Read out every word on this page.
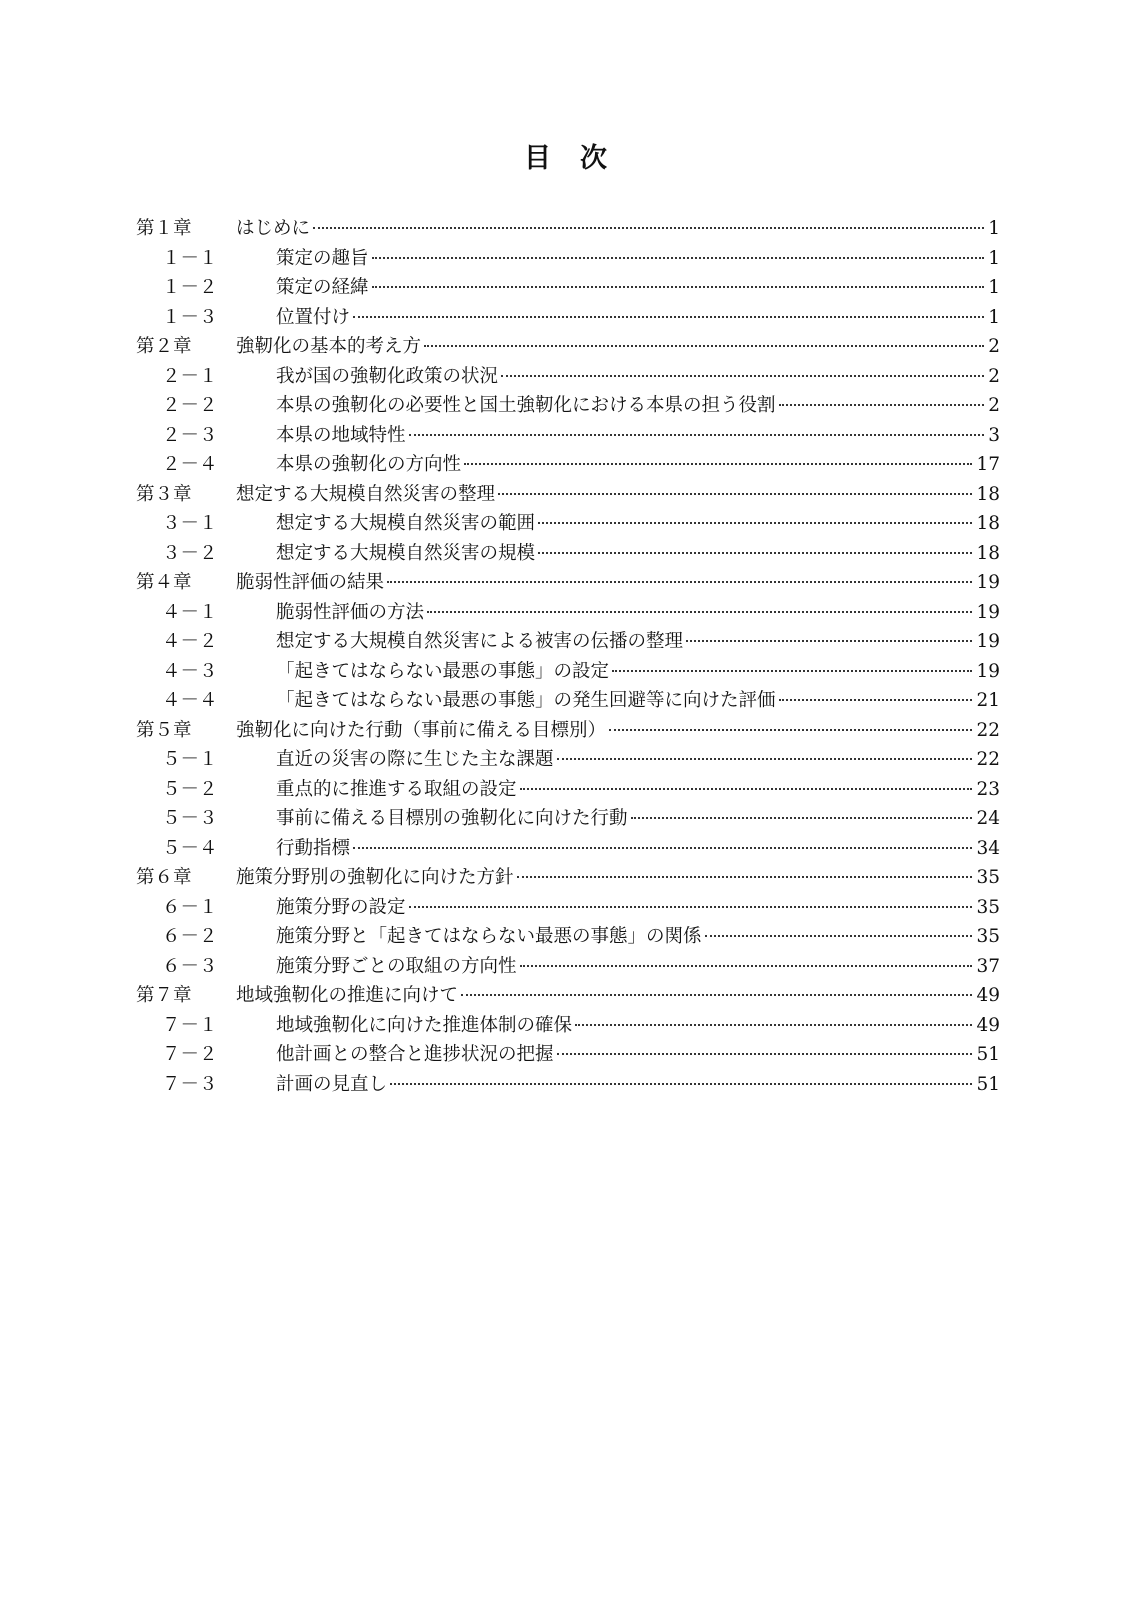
目　次
第１章	はじめに	1
１－１	策定の趣旨	1
１－２	策定の経緯	1
１－３	位置付け	1
第２章	強靭化の基本的考え方	2
２－１	我が国の強靭化政策の状況	2
２－２	本県の強靭化の必要性と国土強靭化における本県の担う役割	2
２－３	本県の地域特性	3
２－４	本県の強靭化の方向性	17
第３章	想定する大規模自然災害の整理	18
３－１	想定する大規模自然災害の範囲	18
３－２	想定する大規模自然災害の規模	18
第４章	脆弱性評価の結果	19
４－１	脆弱性評価の方法	19
４－２	想定する大規模自然災害による被害の伝播の整理	19
４－３	「起きてはならない最悪の事態」の設定	19
４－４	「起きてはならない最悪の事態」の発生回避等に向けた評価	21
第５章	強靭化に向けた行動（事前に備える目標別）	22
５－１	直近の災害の際に生じた主な課題	22
５－２	重点的に推進する取組の設定	23
５－３	事前に備える目標別の強靭化に向けた行動	24
５－４	行動指標	34
第６章	施策分野別の強靭化に向けた方針	35
６－１	施策分野の設定	35
６－２	施策分野と「起きてはならない最悪の事態」の関係	35
６－３	施策分野ごとの取組の方向性	37
第７章	地域強靭化の推進に向けて	49
７－１	地域強靭化に向けた推進体制の確保	49
７－２	他計画との整合と進捗状況の把握	51
７－３	計画の見直し	51
